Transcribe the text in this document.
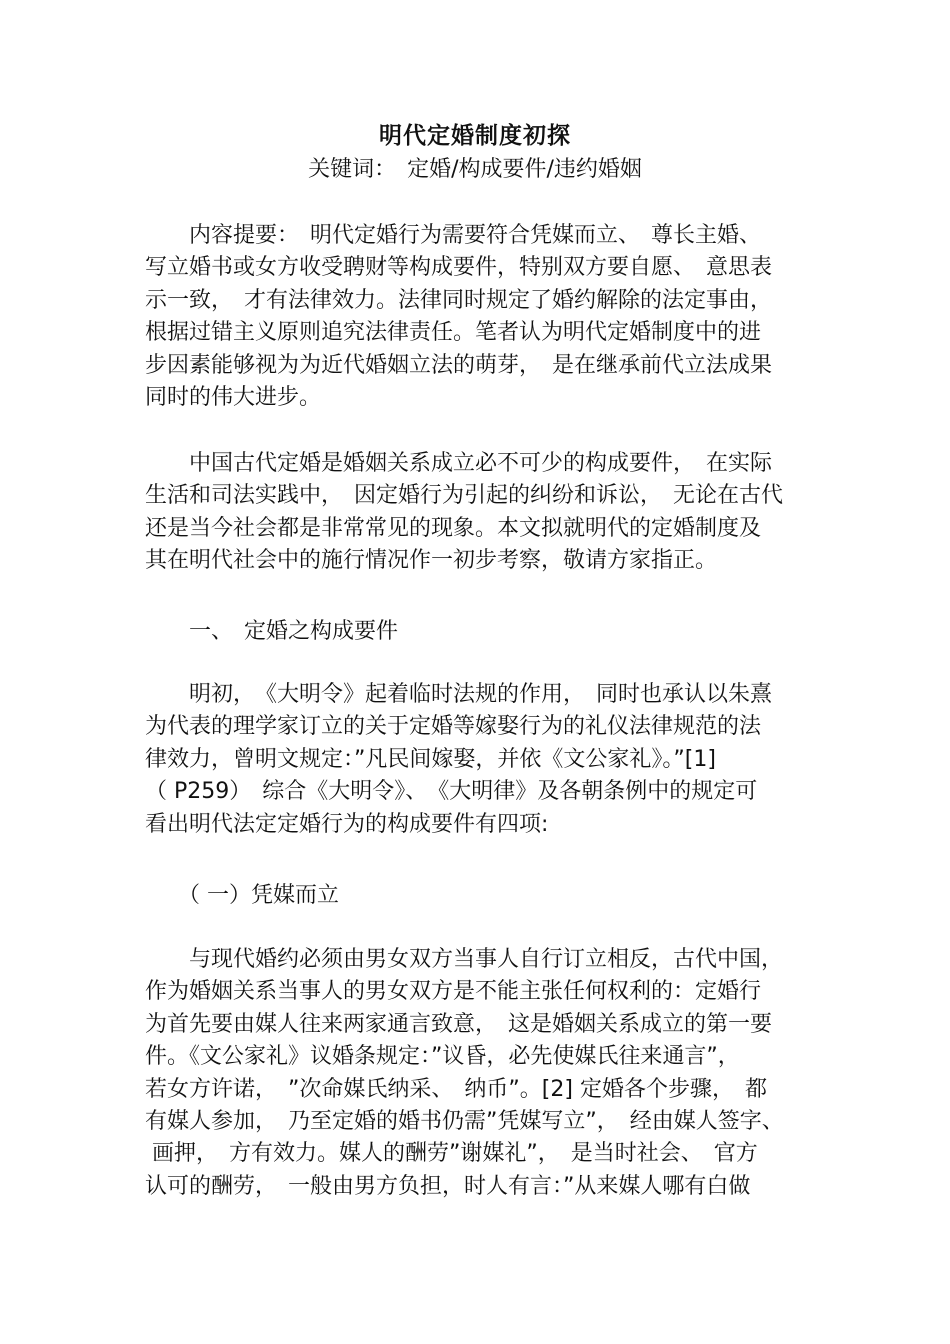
明代定婚制度初探
关键词：　定婚/构成要件/违约婚姻
　　内容提要：　明代定婚行为需要符合凭媒而立、　尊长主婚、
写立婚书或女方收受聘财等构成要件，特别双方要自愿、　意思表
示一致，　才有法律效力。法律同时规定了婚约解除的法定事由，
根据过错主义原则追究法律责任。笔者认为明代定婚制度中的进
步因素能够视为为近代婚姻立法的萌芽，　是在继承前代立法成果
同时的伟大进步。
　　中国古代定婚是婚姻关系成立必不可少的构成要件，　在实际
生活和司法实践中，　因定婚行为引起的纠纷和诉讼，　无论在古代
还是当今社会都是非常常见的现象。本文拟就明代的定婚制度及
其在明代社会中的施行情况作一初步考察，敬请方家指正。
　　一、　定婚之构成要件
　　明初，　《大明令》起着临时法规的作用，　同时也承认以朱熹
为代表的理学家订立的关于定婚等嫁娶行为的礼仪法律规范的法
律效力，曾明文规定：”凡民间嫁娶，并依《文公家礼》。”[1]
（ P259）　综合《大明令》、　《大明律》及各朝条例中的规定可
看出明代法定定婚行为的构成要件有四项:
　　（ 一）凭媒而立
　　与现代婚约必须由男女双方当事人自行订立相反，古代中国，
作为婚姻关系当事人的男女双方是不能主张任何权利的：定婚行
为首先要由媒人往来两家通言致意，　这是婚姻关系成立的第一要
件。《文公家礼》议婚条规定：”议昏，必先使媒氏往来通言”，
若女方许诺，　”次命媒氏纳采、　纳币”。[2] 定婚各个步骤，　都
有媒人参加，　乃至定婚的婚书仍需”凭媒写立”，　经由媒人签字、
画押，　方有效力。媒人的酬劳”谢媒礼”，　是当时社会、　官方
认可的酬劳，　一般由男方负担，时人有言：”从来媒人哪有白做
